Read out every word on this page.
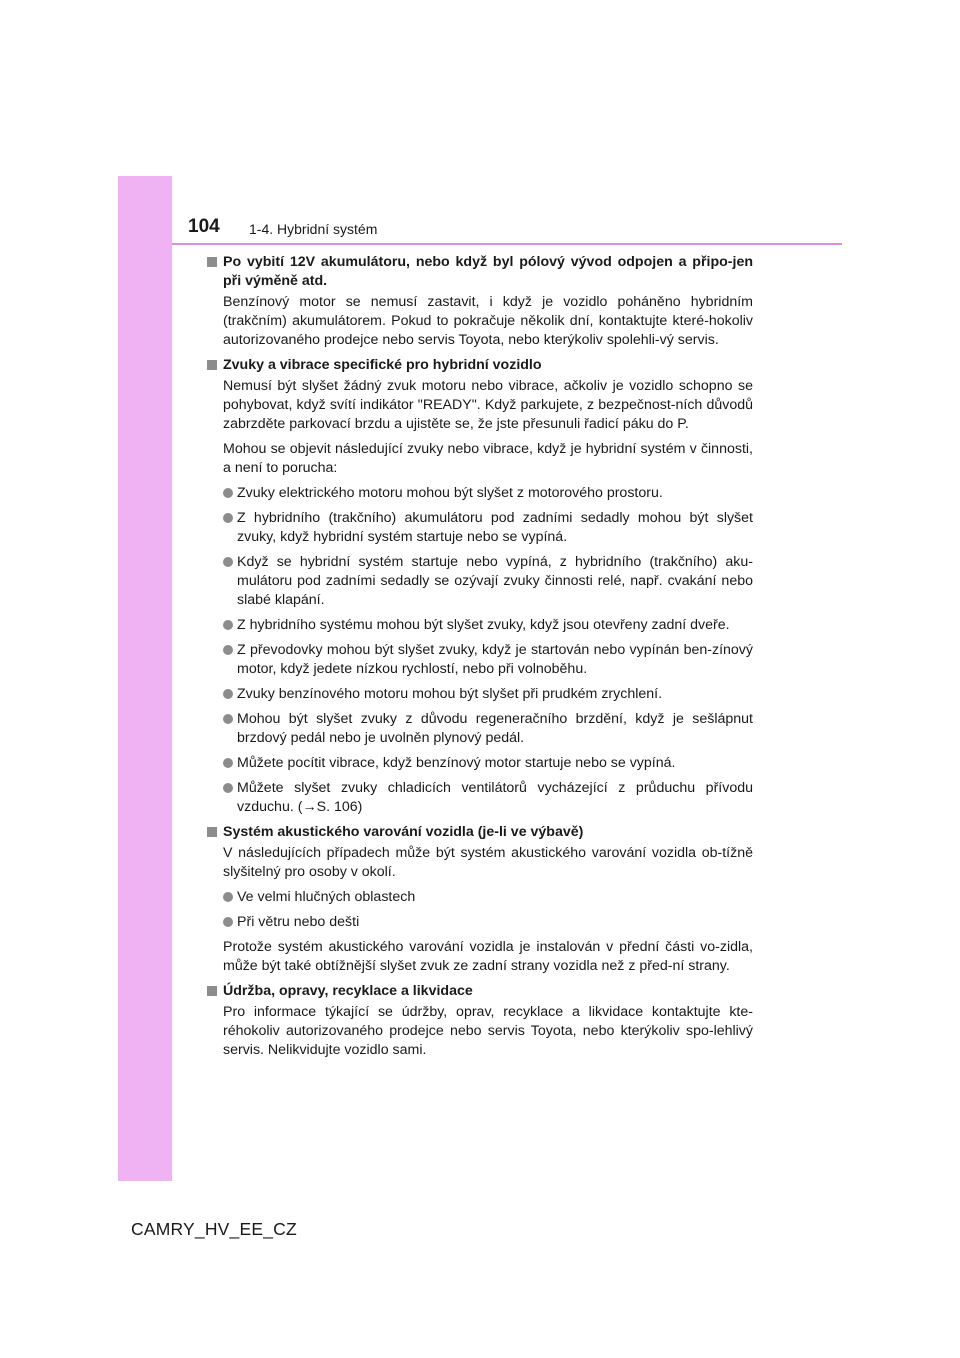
104 1-4. Hybridní systém
Po vybití 12V akumulátoru, nebo když byl pólový vývod odpojen a připo-jen při výměně atd.
Benzínový motor se nemusí zastavit, i když je vozidlo poháněno hybridním (trakčním) akumulátorem. Pokud to pokračuje několik dní, kontaktujte které-hokoliv autorizovaného prodejce nebo servis Toyota, nebo kterýkoliv spolehli-vý servis.
Zvuky a vibrace specifické pro hybridní vozidlo
Nemusí být slyšet žádný zvuk motoru nebo vibrace, ačkoliv je vozidlo schopno se pohybovat, když svítí indikátor "READY". Když parkujete, z bezpečnost-ních důvodů zabrzděte parkovací brzdu a ujistěte se, že jste přesunuli řadicí páku do P.
Mohou se objevit následující zvuky nebo vibrace, když je hybridní systém v činnosti, a není to porucha:
Zvuky elektrického motoru mohou být slyšet z motorového prostoru.
Z hybridního (trakčního) akumulátoru pod zadními sedadly mohou být slyšet zvuky, když hybridní systém startuje nebo se vypíná.
Když se hybridní systém startuje nebo vypíná, z hybridního (trakčního) aku-mulátoru pod zadními sedadly se ozývají zvuky činnosti relé, např. cvakání nebo slabé klapání.
Z hybridního systému mohou být slyšet zvuky, když jsou otevřeny zadní dveře.
Z převodovky mohou být slyšet zvuky, když je startován nebo vypínán ben-zínový motor, když jedete nízkou rychlostí, nebo při volnoběhu.
Zvuky benzínového motoru mohou být slyšet při prudkém zrychlení.
Mohou být slyšet zvuky z důvodu regeneračního brzdění, když je sešlápnut brzdový pedál nebo je uvolněn plynový pedál.
Můžete pocítit vibrace, když benzínový motor startuje nebo se vypíná.
Můžete slyšet zvuky chladicích ventilátorů vycházející z průduchu přívodu vzduchu. (→S. 106)
Systém akustického varování vozidla (je-li ve výbavě)
V následujících případech může být systém akustického varování vozidla ob-tížně slyšitelný pro osoby v okolí.
Ve velmi hlučných oblastech
Při větru nebo dešti
Protože systém akustického varování vozidla je instalován v přední části vo-zidla, může být také obtížnější slyšet zvuk ze zadní strany vozidla než z před-ní strany.
Údržba, opravy, recyklace a likvidace
Pro informace týkající se údržby, oprav, recyklace a likvidace kontaktujte kte-réhokoliv autorizovaného prodejce nebo servis Toyota, nebo kterýkoliv spo-lehlivý servis. Nelikvidujte vozidlo sami.
CAMRY_HV_EE_CZ
